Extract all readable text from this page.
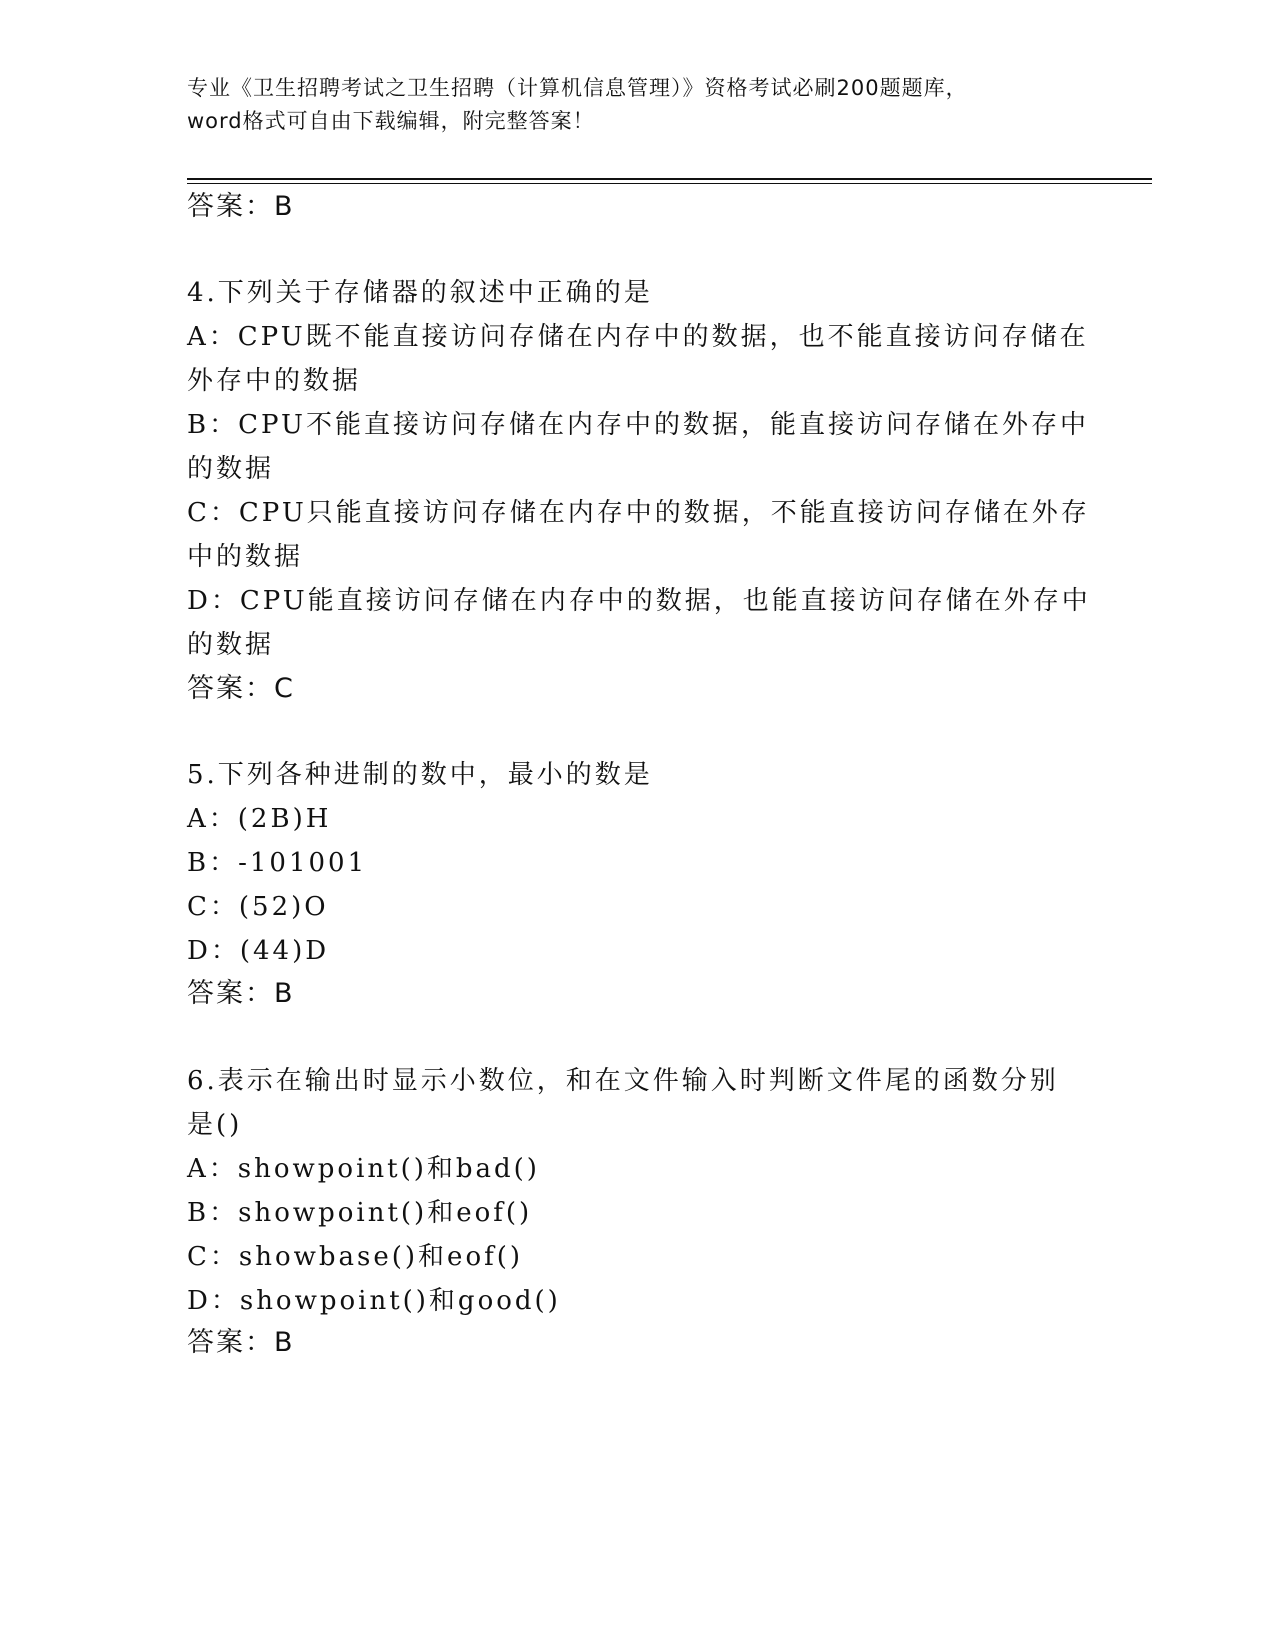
专业《卫生招聘考试之卫生招聘（计算机信息管理）》资格考试必刷200题题库，
word格式可自由下载编辑，附完整答案！
答案：B
4.下列关于存储器的叙述中正确的是
A：CPU既不能直接访问存储在内存中的数据，也不能直接访问存储在
外存中的数据
B：CPU不能直接访问存储在内存中的数据，能直接访问存储在外存中
的数据
C：CPU只能直接访问存储在内存中的数据，不能直接访问存储在外存
中的数据
D：CPU能直接访问存储在内存中的数据，也能直接访问存储在外存中
的数据
答案：C
5.下列各种进制的数中，最小的数是
A：(2B)H
B：-101001
C：(52)O
D：(44)D
答案：B
6.表示在输出时显示小数位，和在文件输入时判断文件尾的函数分别
是()
A：showpoint()和bad()
B：showpoint()和eof()
C：showbase()和eof()
D：showpoint()和good()
答案：B
